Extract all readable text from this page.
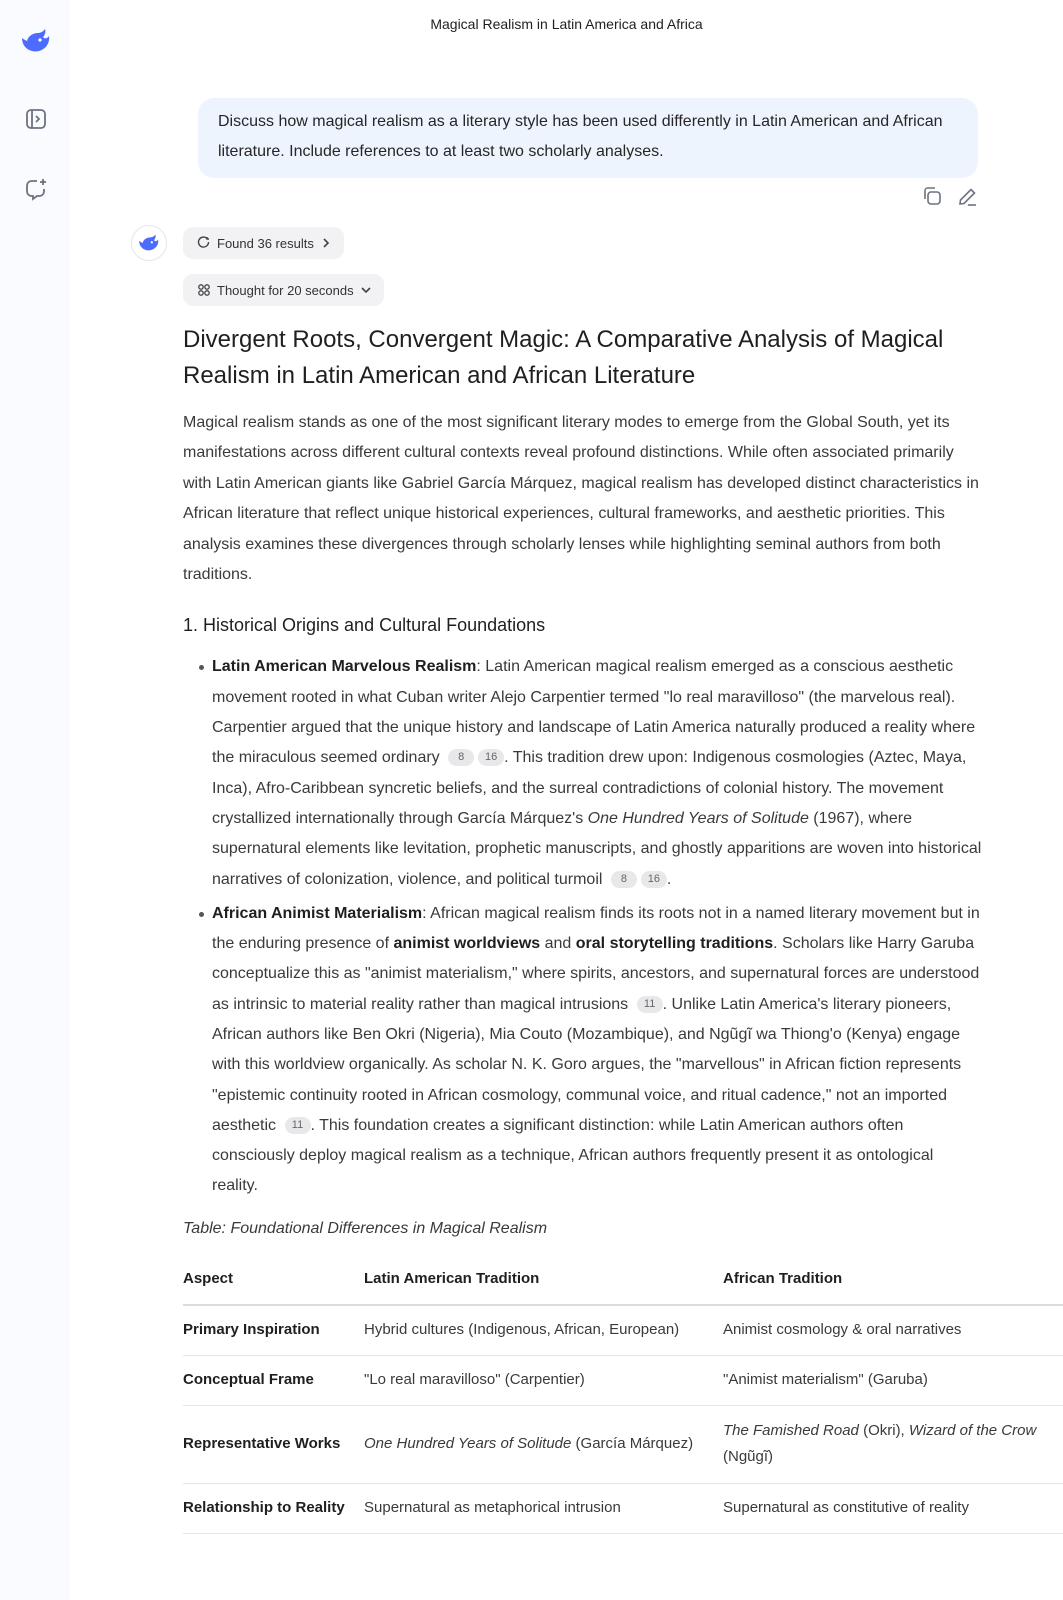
Magical Realism in Latin America and Africa
Discuss how magical realism as a literary style has been used differently in Latin American and African literature. Include references to at least two scholarly analyses.
Found 36 results
Thought for 20 seconds
Divergent Roots, Convergent Magic: A Comparative Analysis of Magical Realism in Latin American and African Literature

Magical realism stands as one of the most significant literary modes to emerge from the Global South, yet its manifestations across different cultural contexts reveal profound distinctions. While often associated primarily with Latin American giants like Gabriel García Márquez, magical realism has developed distinct characteristics in African literature that reflect unique historical experiences, cultural frameworks, and aesthetic priorities. This analysis examines these divergences through scholarly lenses while highlighting seminal authors from both traditions.

1. Historical Origins and Cultural Foundations
Latin American Marvelous Realism: Latin American magical realism emerged as a conscious aesthetic movement rooted in what Cuban writer Alejo Carpentier termed "lo real maravilloso" (the marvelous real). Carpentier argued that the unique history and landscape of Latin America naturally produced a reality where the miraculous seemed ordinary 8 16 . This tradition drew upon: Indigenous cosmologies (Aztec, Maya, Inca), Afro-Caribbean syncretic beliefs, and the surreal contradictions of colonial history. The movement crystallized internationally through García Márquez's One Hundred Years of Solitude (1967), where supernatural elements like levitation, prophetic manuscripts, and ghostly apparitions are woven into historical narratives of colonization, violence, and political turmoil 8 16 .
African Animist Materialism: African magical realism finds its roots not in a named literary movement but in the enduring presence of animist worldviews and oral storytelling traditions. Scholars like Harry Garuba conceptualize this as "animist materialism," where spirits, ancestors, and supernatural forces are understood as intrinsic to material reality rather than magical intrusions 11 . Unlike Latin America's literary pioneers, African authors like Ben Okri (Nigeria), Mia Couto (Mozambique), and Ngũgĩ wa Thiong'o (Kenya) engage with this worldview organically. As scholar N. K. Goro argues, the "marvellous" in African fiction represents "epistemic continuity rooted in African cosmology, communal voice, and ritual cadence," not an imported aesthetic 11 . This foundation creates a significant distinction: while Latin American authors often consciously deploy magical realism as a technique, African authors frequently present it as ontological reality.
Table: Foundational Differences in Magical Realism
Aspect	Latin American Tradition	African Tradition
Primary Inspiration	Hybrid cultures (Indigenous, African, European)	Animist cosmology & oral narratives
Conceptual Frame	"Lo real maravilloso" (Carpentier)	"Animist materialism" (Garuba)
Representative Works	One Hundred Years of Solitude (García Márquez)	The Famished Road (Okri), Wizard of the Crow (Ngũgĩ)
Relationship to Reality	Supernatural as metaphorical intrusion	Supernatural as constitutive of reality
